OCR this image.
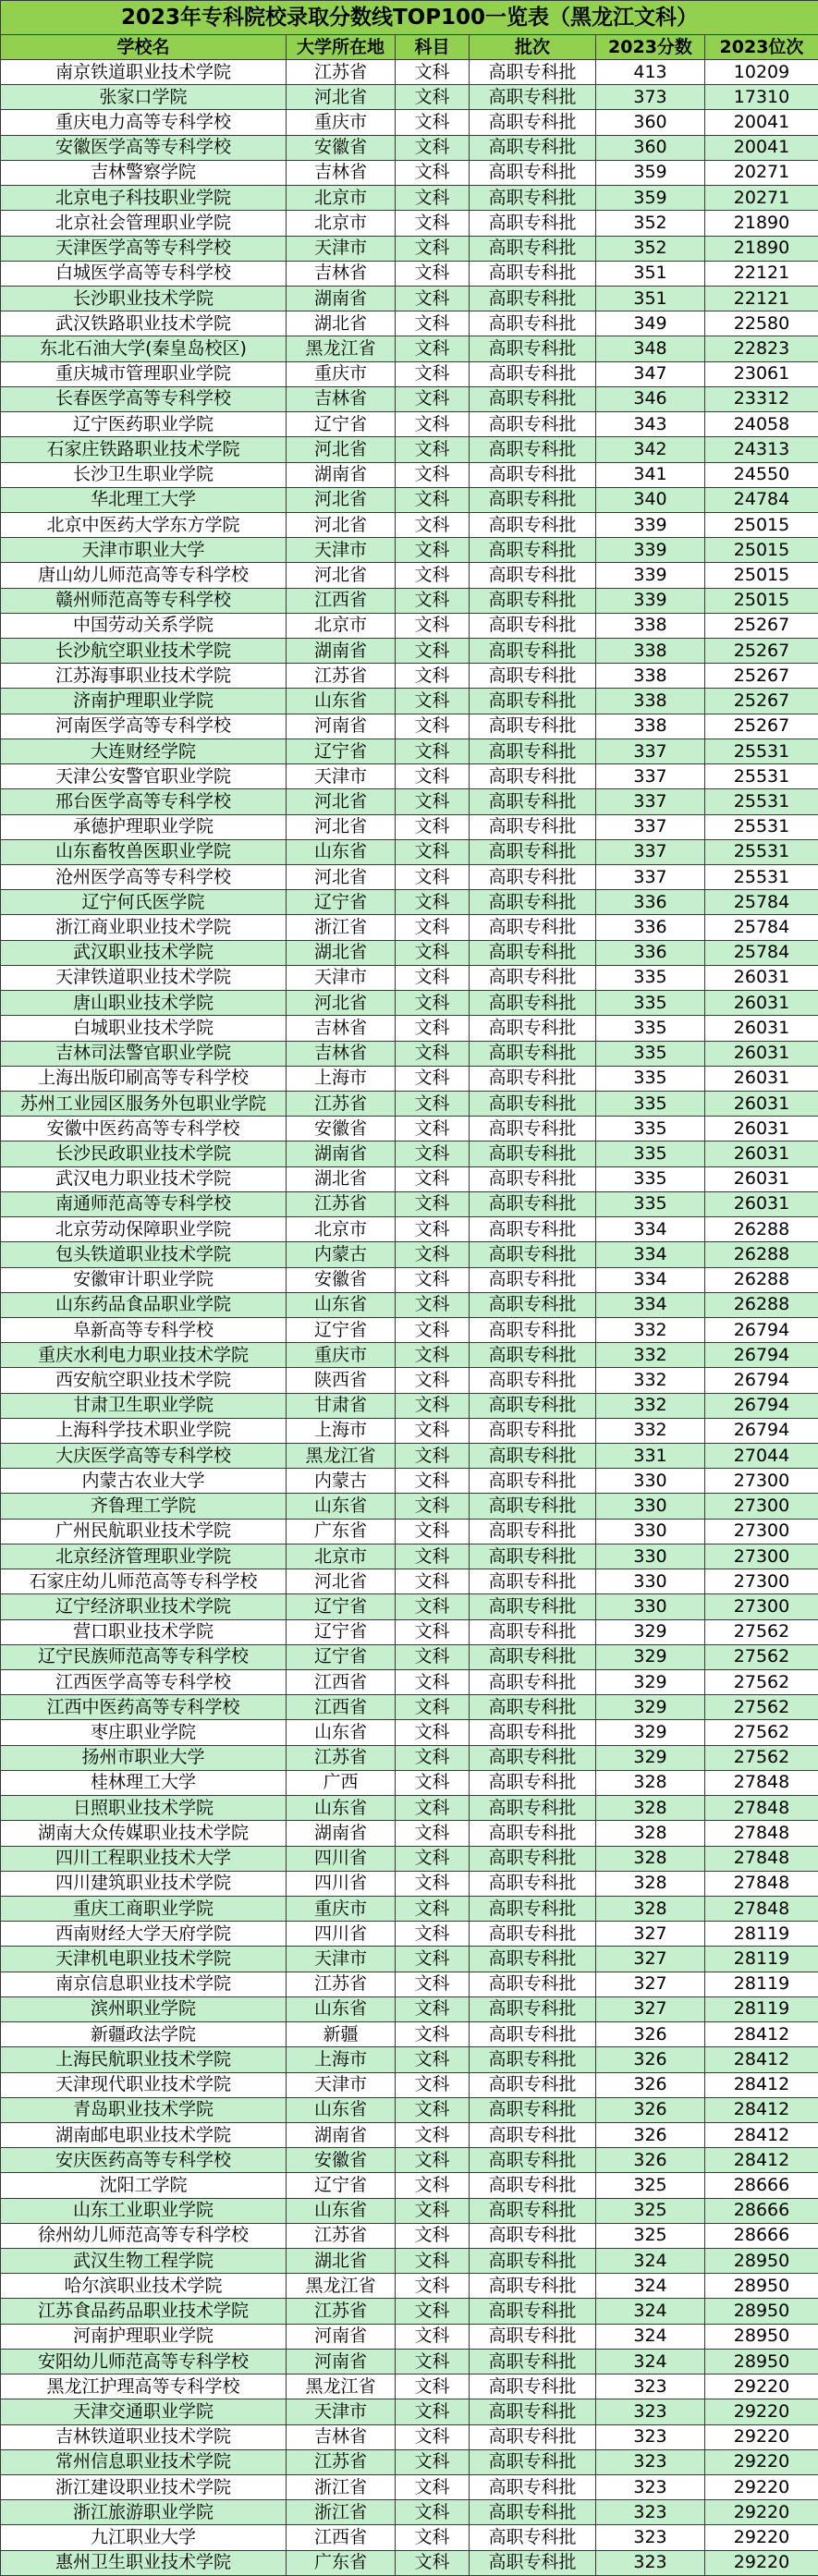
2023年专科院校录取分数线TOP100一览表（黑龙江文科）
学校名	大学所在地	科目	批次	2023分数	2023位次
南京铁道职业技术学院	江苏省	文科	高职专科批	413	10209
张家口学院	河北省	文科	高职专科批	373	17310
重庆电力高等专科学校	重庆市	文科	高职专科批	360	20041
安徽医学高等专科学校	安徽省	文科	高职专科批	360	20041
吉林警察学院	吉林省	文科	高职专科批	359	20271
北京电子科技职业学院	北京市	文科	高职专科批	359	20271
北京社会管理职业学院	北京市	文科	高职专科批	352	21890
天津医学高等专科学校	天津市	文科	高职专科批	352	21890
白城医学高等专科学校	吉林省	文科	高职专科批	351	22121
长沙职业技术学院	湖南省	文科	高职专科批	351	22121
武汉铁路职业技术学院	湖北省	文科	高职专科批	349	22580
东北石油大学(秦皇岛校区)	黑龙江省	文科	高职专科批	348	22823
重庆城市管理职业学院	重庆市	文科	高职专科批	347	23061
长春医学高等专科学校	吉林省	文科	高职专科批	346	23312
辽宁医药职业学院	辽宁省	文科	高职专科批	343	24058
石家庄铁路职业技术学院	河北省	文科	高职专科批	342	24313
长沙卫生职业学院	湖南省	文科	高职专科批	341	24550
华北理工大学	河北省	文科	高职专科批	340	24784
北京中医药大学东方学院	河北省	文科	高职专科批	339	25015
天津市职业大学	天津市	文科	高职专科批	339	25015
唐山幼儿师范高等专科学校	河北省	文科	高职专科批	339	25015
赣州师范高等专科学校	江西省	文科	高职专科批	339	25015
中国劳动关系学院	北京市	文科	高职专科批	338	25267
长沙航空职业技术学院	湖南省	文科	高职专科批	338	25267
江苏海事职业技术学院	江苏省	文科	高职专科批	338	25267
济南护理职业学院	山东省	文科	高职专科批	338	25267
河南医学高等专科学校	河南省	文科	高职专科批	338	25267
大连财经学院	辽宁省	文科	高职专科批	337	25531
天津公安警官职业学院	天津市	文科	高职专科批	337	25531
邢台医学高等专科学校	河北省	文科	高职专科批	337	25531
承德护理职业学院	河北省	文科	高职专科批	337	25531
山东畜牧兽医职业学院	山东省	文科	高职专科批	337	25531
沧州医学高等专科学校	河北省	文科	高职专科批	337	25531
辽宁何氏医学院	辽宁省	文科	高职专科批	336	25784
浙江商业职业技术学院	浙江省	文科	高职专科批	336	25784
武汉职业技术学院	湖北省	文科	高职专科批	336	25784
天津铁道职业技术学院	天津市	文科	高职专科批	335	26031
唐山职业技术学院	河北省	文科	高职专科批	335	26031
白城职业技术学院	吉林省	文科	高职专科批	335	26031
吉林司法警官职业学院	吉林省	文科	高职专科批	335	26031
上海出版印刷高等专科学校	上海市	文科	高职专科批	335	26031
苏州工业园区服务外包职业学院	江苏省	文科	高职专科批	335	26031
安徽中医药高等专科学校	安徽省	文科	高职专科批	335	26031
长沙民政职业技术学院	湖南省	文科	高职专科批	335	26031
武汉电力职业技术学院	湖北省	文科	高职专科批	335	26031
南通师范高等专科学校	江苏省	文科	高职专科批	335	26031
北京劳动保障职业学院	北京市	文科	高职专科批	334	26288
包头铁道职业技术学院	内蒙古	文科	高职专科批	334	26288
安徽审计职业学院	安徽省	文科	高职专科批	334	26288
山东药品食品职业学院	山东省	文科	高职专科批	334	26288
阜新高等专科学校	辽宁省	文科	高职专科批	332	26794
重庆水利电力职业技术学院	重庆市	文科	高职专科批	332	26794
西安航空职业技术学院	陕西省	文科	高职专科批	332	26794
甘肃卫生职业学院	甘肃省	文科	高职专科批	332	26794
上海科学技术职业学院	上海市	文科	高职专科批	332	26794
大庆医学高等专科学校	黑龙江省	文科	高职专科批	331	27044
内蒙古农业大学	内蒙古	文科	高职专科批	330	27300
齐鲁理工学院	山东省	文科	高职专科批	330	27300
广州民航职业技术学院	广东省	文科	高职专科批	330	27300
北京经济管理职业学院	北京市	文科	高职专科批	330	27300
石家庄幼儿师范高等专科学校	河北省	文科	高职专科批	330	27300
辽宁经济职业技术学院	辽宁省	文科	高职专科批	330	27300
营口职业技术学院	辽宁省	文科	高职专科批	329	27562
辽宁民族师范高等专科学校	辽宁省	文科	高职专科批	329	27562
江西医学高等专科学校	江西省	文科	高职专科批	329	27562
江西中医药高等专科学校	江西省	文科	高职专科批	329	27562
枣庄职业学院	山东省	文科	高职专科批	329	27562
扬州市职业大学	江苏省	文科	高职专科批	329	27562
桂林理工大学	广西	文科	高职专科批	328	27848
日照职业技术学院	山东省	文科	高职专科批	328	27848
湖南大众传媒职业技术学院	湖南省	文科	高职专科批	328	27848
四川工程职业技术大学	四川省	文科	高职专科批	328	27848
四川建筑职业技术学院	四川省	文科	高职专科批	328	27848
重庆工商职业学院	重庆市	文科	高职专科批	328	27848
西南财经大学天府学院	四川省	文科	高职专科批	327	28119
天津机电职业技术学院	天津市	文科	高职专科批	327	28119
南京信息职业技术学院	江苏省	文科	高职专科批	327	28119
滨州职业学院	山东省	文科	高职专科批	327	28119
新疆政法学院	新疆	文科	高职专科批	326	28412
上海民航职业技术学院	上海市	文科	高职专科批	326	28412
天津现代职业技术学院	天津市	文科	高职专科批	326	28412
青岛职业技术学院	山东省	文科	高职专科批	326	28412
湖南邮电职业技术学院	湖南省	文科	高职专科批	326	28412
安庆医药高等专科学校	安徽省	文科	高职专科批	326	28412
沈阳工学院	辽宁省	文科	高职专科批	325	28666
山东工业职业学院	山东省	文科	高职专科批	325	28666
徐州幼儿师范高等专科学校	江苏省	文科	高职专科批	325	28666
武汉生物工程学院	湖北省	文科	高职专科批	324	28950
哈尔滨职业技术学院	黑龙江省	文科	高职专科批	324	28950
江苏食品药品职业技术学院	江苏省	文科	高职专科批	324	28950
河南护理职业学院	河南省	文科	高职专科批	324	28950
安阳幼儿师范高等专科学校	河南省	文科	高职专科批	324	28950
黑龙江护理高等专科学校	黑龙江省	文科	高职专科批	323	29220
天津交通职业学院	天津市	文科	高职专科批	323	29220
吉林铁道职业技术学院	吉林省	文科	高职专科批	323	29220
常州信息职业技术学院	江苏省	文科	高职专科批	323	29220
浙江建设职业技术学院	浙江省	文科	高职专科批	323	29220
浙江旅游职业学院	浙江省	文科	高职专科批	323	29220
九江职业大学	江西省	文科	高职专科批	323	29220
惠州卫生职业技术学院	广东省	文科	高职专科批	323	29220
